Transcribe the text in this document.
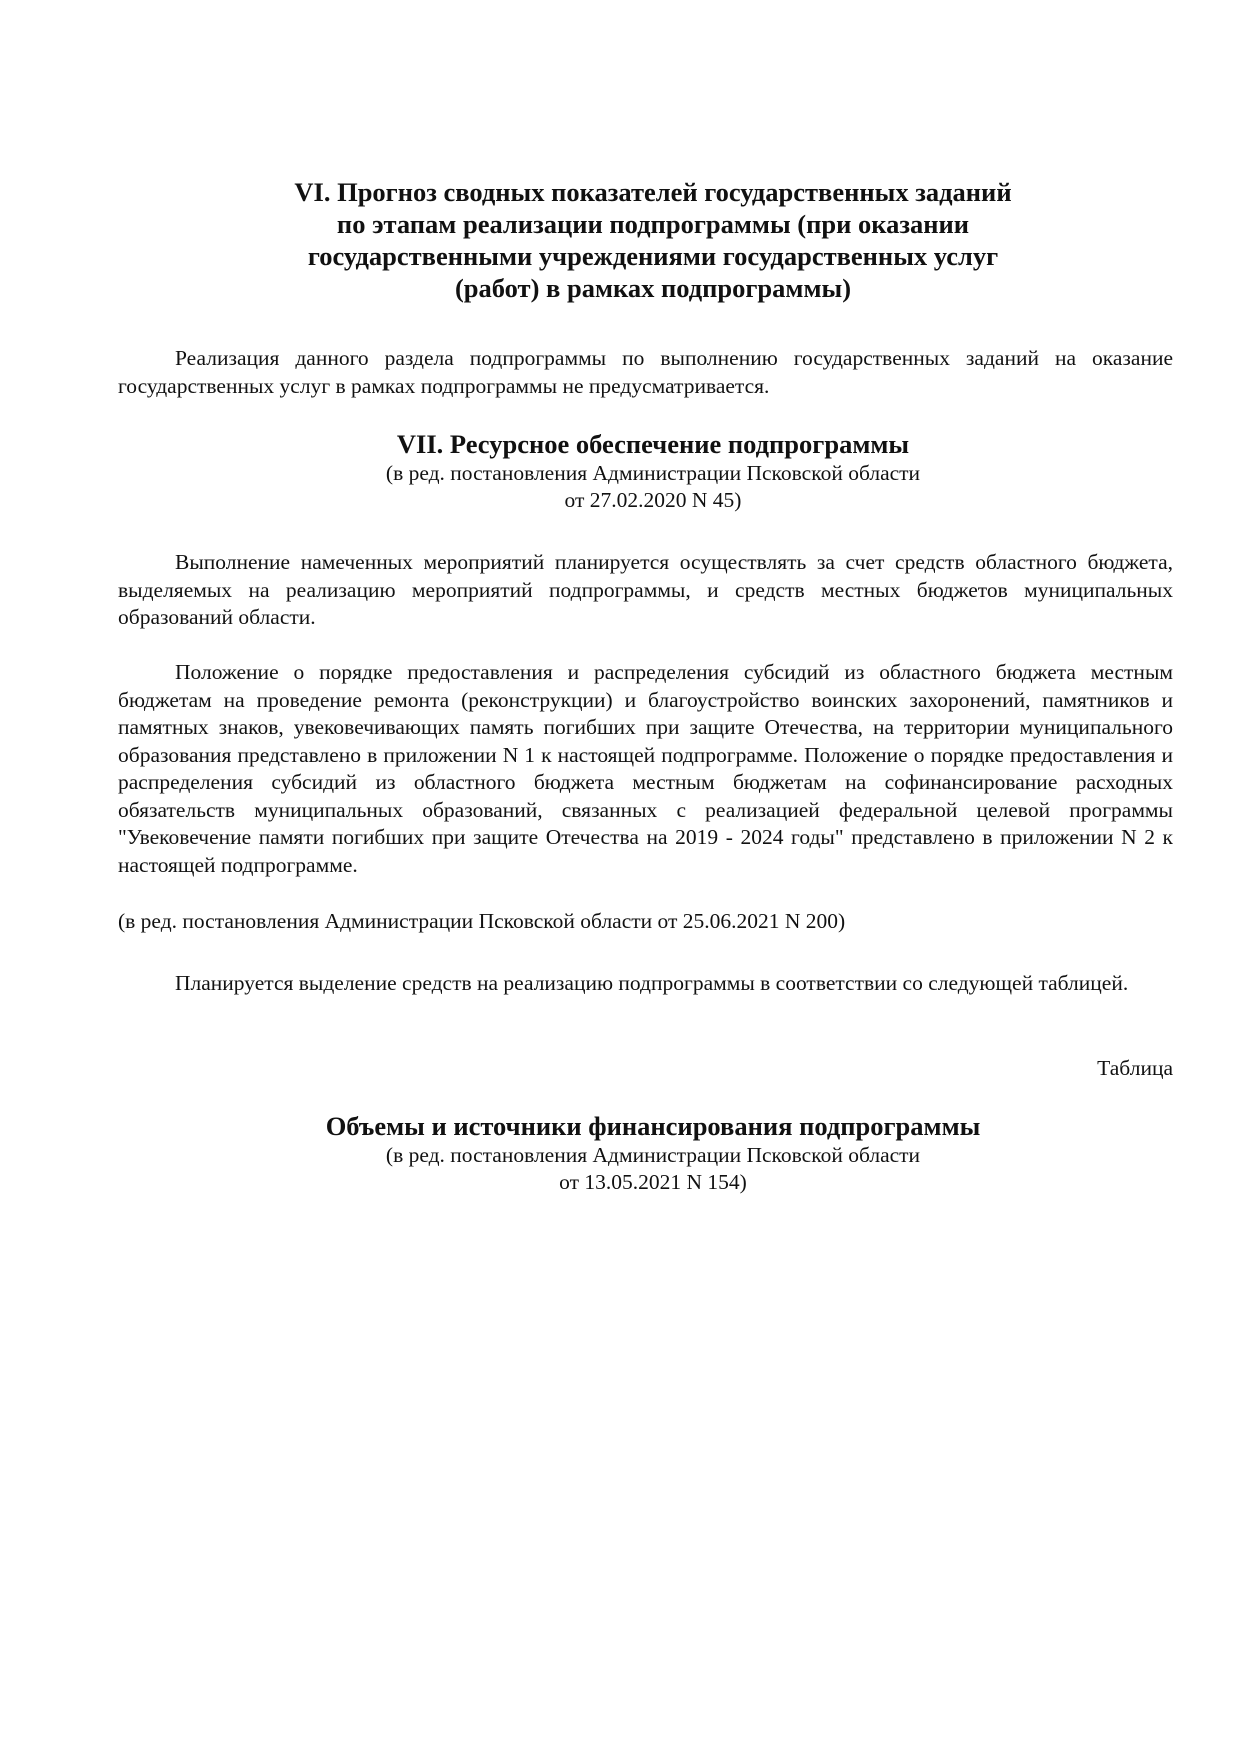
VI. Прогноз сводных показателей государственных заданий

по этапам реализации подпрограммы (при оказании

государственными учреждениями государственных услуг

(работ) в рамках подпрограммы)

Реализация данного раздела подпрограммы по выполнению государственных заданий на оказание государственных услуг в рамках подпрограммы не предусматривается.

VII. Ресурсное обеспечение подпрограммы

(в ред. постановления Администрации Псковской области

от 27.02.2020 N 45)

Выполнение намеченных мероприятий планируется осуществлять за счет средств областного бюджета, выделяемых на реализацию мероприятий подпрограммы, и средств местных бюджетов муниципальных образований области.

Положение о порядке предоставления и распределения субсидий из областного бюджета местным бюджетам на проведение ремонта (реконструкции) и благоустройство воинских захоронений, памятников и памятных знаков, увековечивающих память погибших при защите Отечества, на территории муниципального образования представлено в приложении N 1 к настоящей подпрограмме. Положение о порядке предоставления и распределения субсидий из областного бюджета местным бюджетам на софинансирование расходных обязательств муниципальных образований, связанных с реализацией федеральной целевой программы "Увековечение памяти погибших при защите Отечества на 2019 - 2024 годы" представлено в приложении N 2 к настоящей подпрограмме.

(в ред. постановления Администрации Псковской области от 25.06.2021 N 200)

Планируется выделение средств на реализацию подпрограммы в соответствии со следующей таблицей.

Таблица

Объемы и источники финансирования подпрограммы

(в ред. постановления Администрации Псковской области

от 13.05.2021 N 154)
